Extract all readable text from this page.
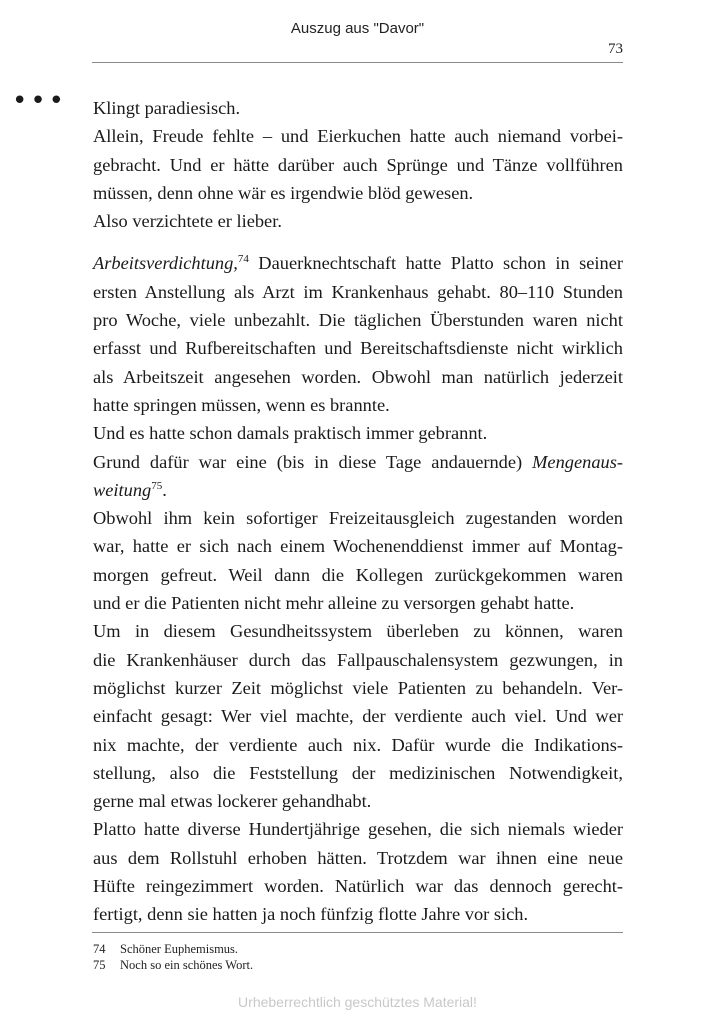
Auszug aus "Davor"
73
••• Klingt paradiesisch.
Allein, Freude fehlte – und Eierkuchen hatte auch niemand vorbei-
gebracht. Und er hätte darüber auch Sprünge und Tänze vollführen
müssen, denn ohne wär es irgendwie blöd gewesen.
Also verzichtete er lieber.
Arbeitsverdichtung,$^{74}$ Dauerknechtschaft hatte Platto schon in seiner
ersten Anstellung als Arzt im Krankenhaus gehabt. 80–110 Stunden
pro Woche, viele unbezahlt. Die täglichen Überstunden waren nicht
erfasst und Rufbereitschaften und Bereitschaftsdienste nicht wirklich
als Arbeitszeit angesehen worden. Obwohl man natürlich jederzeit
hatte springen müssen, wenn es brannte.
Und es hatte schon damals praktisch immer gebrannt.
Grund dafür war eine (bis in diese Tage andauernde) Mengenaus-
weitung$^{75}$.
Obwohl ihm kein sofortiger Freizeitausgleich zugestanden worden
war, hatte er sich nach einem Wochenenddienst immer auf Montag-
morgen gefreut. Weil dann die Kollegen zurückgekommen waren
und er die Patienten nicht mehr alleine zu versorgen gehabt hatte.
Um in diesem Gesundheitssystem überleben zu können, waren
die Krankenhäuser durch das Fallpauschalensystem gezwungen, in
möglichst kurzer Zeit möglichst viele Patienten zu behandeln. Ver-
einfacht gesagt: Wer viel machte, der verdiente auch viel. Und wer
nix machte, der verdiente auch nix. Dafür wurde die Indikations-
stellung, also die Feststellung der medizinischen Notwendigkeit,
gerne mal etwas lockerer gehandhabt.
Platto hatte diverse Hundertjährige gesehen, die sich niemals wieder
aus dem Rollstuhl erhoben hätten. Trotzdem war ihnen eine neue
Hüfte reingezimmert worden. Natürlich war das dennoch gerecht-
fertigt, denn sie hatten ja noch fünfzig flotte Jahre vor sich.
74 Schöner Euphemismus.
75 Noch so ein schönes Wort.
Urheberrechtlich geschütztes Material!
